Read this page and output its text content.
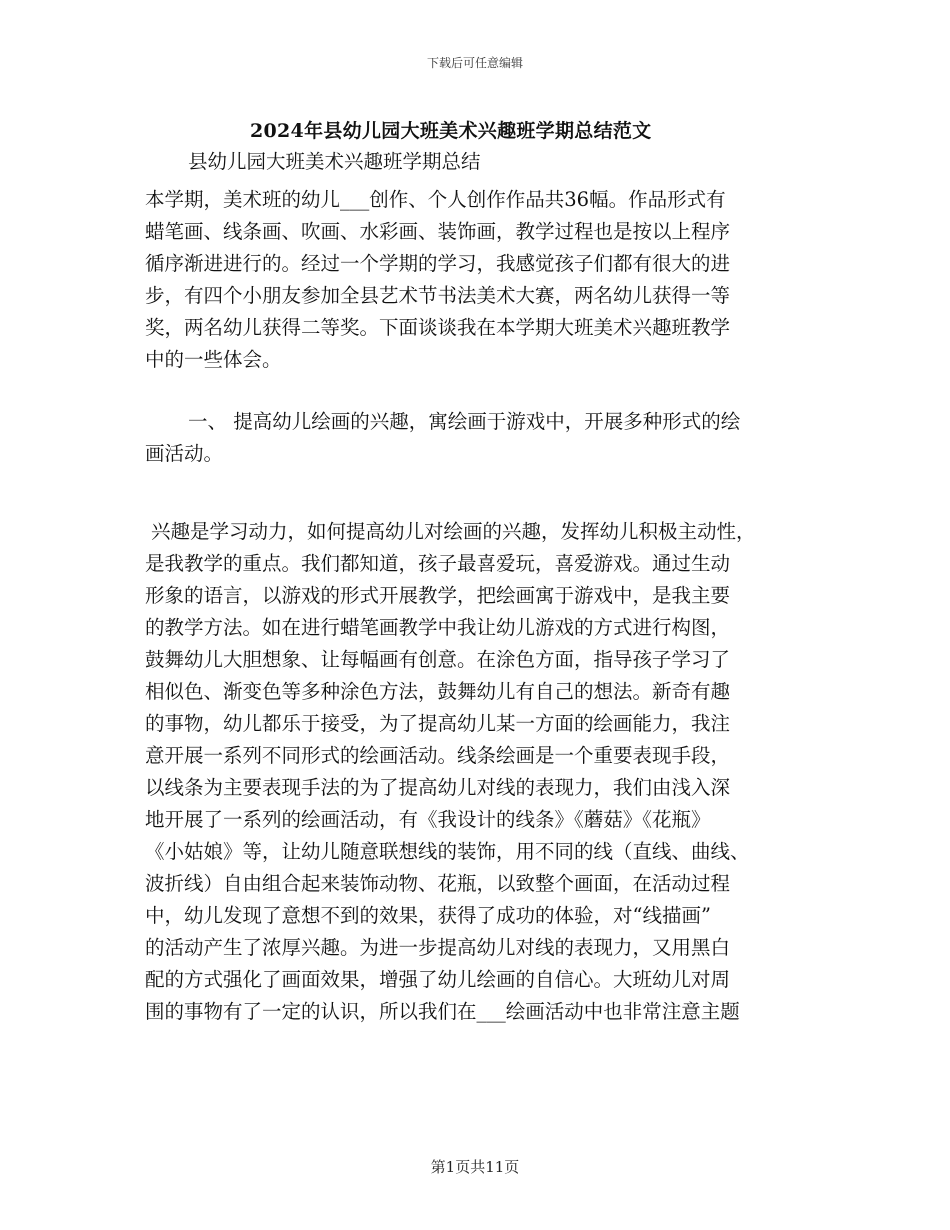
下载后可任意编辑
2024年县幼儿园大班美术兴趣班学期总结范文
县幼儿园大班美术兴趣班学期总结
本学期，美术班的幼儿___创作、个人创作作品共36幅。作品形式有
蜡笔画、线条画、吹画、水彩画、装饰画，教学过程也是按以上程序
循序渐进进行的。经过一个学期的学习，我感觉孩子们都有很大的进
步，有四个小朋友参加全县艺术节书法美术大赛，两名幼儿获得一等
奖，两名幼儿获得二等奖。下面谈谈我在本学期大班美术兴趣班教学
中的一些体会。
一、 提高幼儿绘画的兴趣，寓绘画于游戏中，开展多种形式的绘
画活动。
兴趣是学习动力，如何提高幼儿对绘画的兴趣，发挥幼儿积极主动性，
是我教学的重点。我们都知道，孩子最喜爱玩，喜爱游戏。通过生动
形象的语言，以游戏的形式开展教学，把绘画寓于游戏中，是我主要
的教学方法。如在进行蜡笔画教学中我让幼儿游戏的方式进行构图，
鼓舞幼儿大胆想象、让每幅画有创意。在涂色方面，指导孩子学习了
相似色、渐变色等多种涂色方法，鼓舞幼儿有自己的想法。新奇有趣
的事物，幼儿都乐于接受，为了提高幼儿某一方面的绘画能力，我注
意开展一系列不同形式的绘画活动。线条绘画是一个重要表现手段，
以线条为主要表现手法的为了提高幼儿对线的表现力，我们由浅入深
地开展了一系列的绘画活动，有《我设计的线条》《蘑菇》《花瓶》
《小姑娘》等，让幼儿随意联想线的装饰，用不同的线（直线、曲线、
波折线）自由组合起来装饰动物、花瓶，以致整个画面，在活动过程
中，幼儿发现了意想不到的效果，获得了成功的体验，对“线描画”
的活动产生了浓厚兴趣。为进一步提高幼儿对线的表现力，又用黑白
配的方式强化了画面效果，增强了幼儿绘画的自信心。大班幼儿对周
围的事物有了一定的认识，所以我们在___绘画活动中也非常注意主题
第1页共11页
